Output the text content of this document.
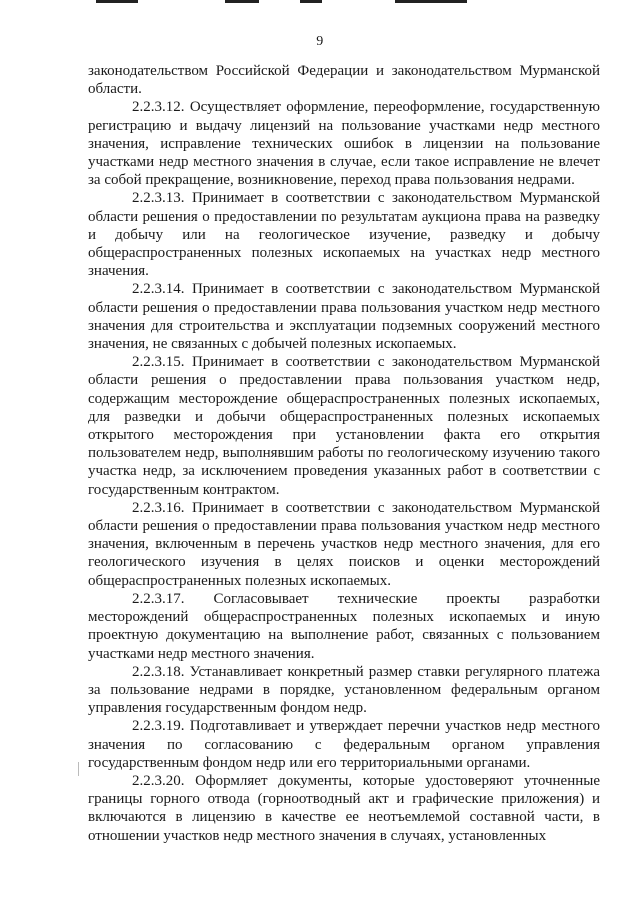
9

законодательством Российской Федерации и законодательством Мурманской области.

2.2.3.12. Осуществляет оформление, переоформление, государственную регистрацию и выдачу лицензий на пользование участками недр местного значения, исправление технических ошибок в лицензии на пользование участками недр местного значения в случае, если такое исправление не влечет за собой прекращение, возникновение, переход права пользования недрами.

2.2.3.13. Принимает в соответствии с законодательством Мурманской области решения о предоставлении по результатам аукциона права на разведку и добычу или на геологическое изучение, разведку и добычу общераспространенных полезных ископаемых на участках недр местного значения.

2.2.3.14. Принимает в соответствии с законодательством Мурманской области решения о предоставлении права пользования участком недр местного значения для строительства и эксплуатации подземных сооружений местного значения, не связанных с добычей полезных ископаемых.

2.2.3.15. Принимает в соответствии с законодательством Мурманской области решения о предоставлении права пользования участком недр, содержащим месторождение общераспространенных полезных ископаемых, для разведки и добычи общераспространенных полезных ископаемых открытого месторождения при установлении факта его открытия пользователем недр, выполнявшим работы по геологическому изучению такого участка недр, за исключением проведения указанных работ в соответствии с государственным контрактом.

2.2.3.16. Принимает в соответствии с законодательством Мурманской области решения о предоставлении права пользования участком недр местного значения, включенным в перечень участков недр местного значения, для его геологического изучения в целях поисков и оценки месторождений общераспространенных полезных ископаемых.

2.2.3.17. Согласовывает технические проекты разработки месторождений общераспространенных полезных ископаемых и иную проектную документацию на выполнение работ, связанных с пользованием участками недр местного значения.

2.2.3.18. Устанавливает конкретный размер ставки регулярного платежа за пользование недрами в порядке, установленном федеральным органом управления государственным фондом недр.

2.2.3.19. Подготавливает и утверждает перечни участков недр местного значения по согласованию с федеральным органом управления государственным фондом недр или его территориальными органами.

2.2.3.20. Оформляет документы, которые удостоверяют уточненные границы горного отвода (горноотводный акт и графические приложения) и включаются в лицензию в качестве ее неотъемлемой составной части, в отношении участков недр местного значения в случаях, установленных
